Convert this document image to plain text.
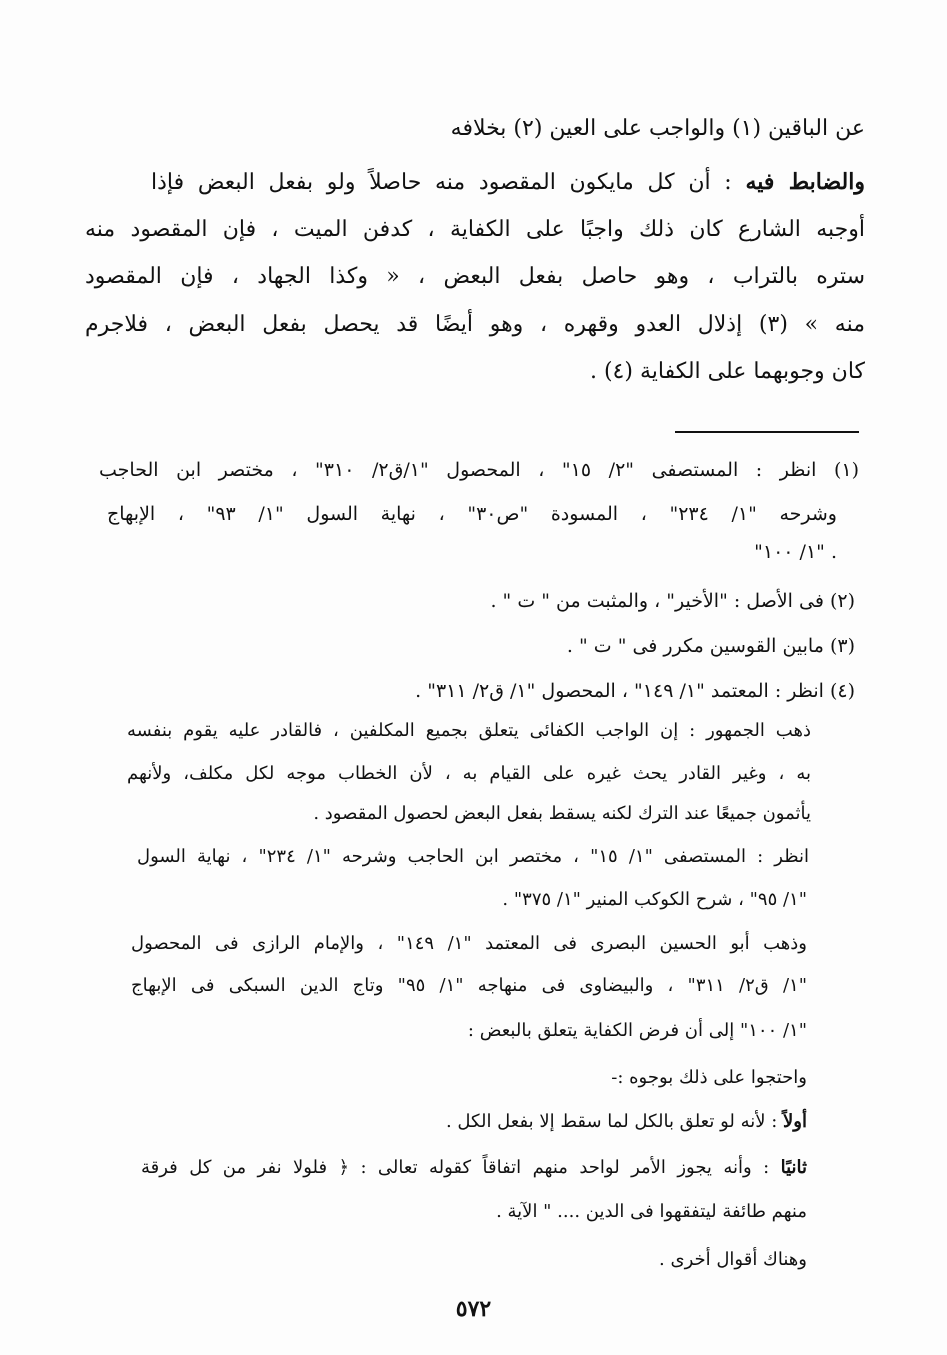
عن الباقين (١) والواجب على العين (٢) بخلافه
والضابط فيه : أن كل مايكون المقصود منه حاصلاً ولو بفعل البعض فإذا
أوجبه الشارع كان ذلك واجبًا على الكفاية ، كدفن الميت ، فإن المقصود منه
ستره بالتراب ، وهو حاصل بفعل البعض ، « وكذا الجهاد ، فإن المقصود
منه » (٣) إذلال العدو وقهره ، وهو أيضًا قد يحصل بفعل البعض ، فلاجرم
كان وجوبهما على الكفاية (٤) .
(١) انظر : المستصفى "٢/ ١٥" ، المحصول "١/ق٢/ ٣١٠" ، مختصر ابن الحاجب
وشرحه "١/ ٢٣٤" ، المسودة "ص٣٠" ، نهاية السول "١/ ٩٣" ، الإبهاج
"١/ ١٠٠" .
(٢) فى الأصل : "الأخير" ، والمثبت من " ت " .
(٣) مابين القوسين مكرر فى " ت " .
(٤) انظر : المعتمد "١/ ١٤٩" ، المحصول "١/ ق٢/ ٣١١" .
ذهب الجمهور : إن الواجب الكفائى يتعلق بجميع المكلفين ، فالقادر عليه يقوم بنفسه
به ، وغير القادر يحث غيره على القيام به ، لأن الخطاب موجه لكل مكلف، ولأنهم
يأثمون جميعًا عند الترك لكنه يسقط بفعل البعض لحصول المقصود .
انظر : المستصفى "١/ ١٥" ، مختصر ابن الحاجب وشرحه "١/ ٢٣٤" ، نهاية السول
"١/ ٩٥" ، شرح الكوكب المنير "١/ ٣٧٥" .
وذهب أبو الحسين البصرى فى المعتمد "١/ ١٤٩" ، والإمام الرازى فى المحصول
"١/ ق٢/ ٣١١" ، والبيضاوى فى منهاجه "١/ ٩٥" وتاج الدين السبكى فى الإبهاج
"١/ ١٠٠" إلى أن فرض الكفاية يتعلق بالبعض :
واحتجوا على ذلك بوجوه :-
أولاً : لأنه لو تعلق بالكل لما سقط إلا بفعل الكل .
ثانيًا : وأنه يجوز الأمر لواحد منهم اتفاقاً كقوله تعالى : ﴿ فلولا نفر من كل فرقة
منهم طائفة ليتفقهوا فى الدين .... " الآية .
وهناك أقوال أخرى .
٥٧٢
